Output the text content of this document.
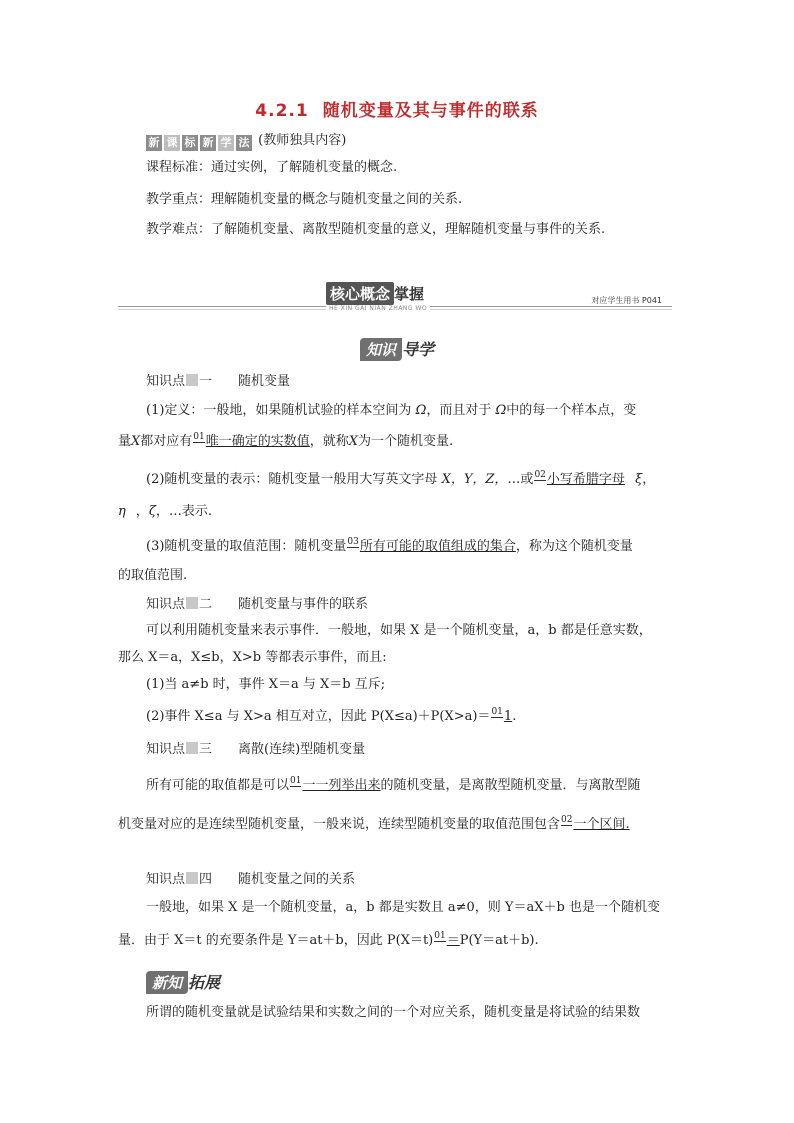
4.2.1 随机变量及其与事件的联系
新 课 标 新 学 法 (教师独具内容)
课程标准：通过实例，了解随机变量的概念.
教学重点：理解随机变量的概念与随机变量之间的关系.
教学难点：了解随机变量、离散型随机变量的意义，理解随机变量与事件的关系.
核心概念 掌握
HE XIN GAI NIAN ZHANG WO
对应学生用书 P041
知识 导学
知识点 一 随机变量
(1)定义：一般地，如果随机试验的样本空间为 Ω，而且对于 Ω中的每一个样本点，变
量X都对应有01唯一确定的实数值，就称X为一个随机变量.
(2)随机变量的表示：随机变量一般用大写英文字母 X，Y，Z，…或02小写希腊字母 ξ，
η ，ζ，…表示.
(3)随机变量的取值范围：随机变量03所有可能的取值组成的集合，称为这个随机变量
的取值范围.
知识点 二 随机变量与事件的联系
可以利用随机变量来表示事件．一般地，如果 X 是一个随机变量，a，b 都是任意实数，
那么 X＝a，X≤b，X>b 等都表示事件，而且:
(1)当 a≠b 时，事件 X＝a 与 X＝b 互斥;
(2)事件 X≤a 与 X>a 相互对立，因此 P(X≤a)＋P(X>a)＝011.
知识点 三 离散(连续)型随机变量
所有可能的取值都是可以01一一列举出来的随机变量，是离散型随机变量．与离散型随
机变量对应的是连续型随机变量，一般来说，连续型随机变量的取值范围包含02一个区间.
知识点 四 随机变量之间的关系
一般地，如果 X 是一个随机变量，a，b 都是实数且 a≠0，则 Y＝aX＋b 也是一个随机变
量．由于 X＝t 的充要条件是 Y＝at＋b，因此 P(X＝t)01＝P(Y＝at＋b).
新知 拓展
所谓的随机变量就是试验结果和实数之间的一个对应关系，随机变量是将试验的结果数
